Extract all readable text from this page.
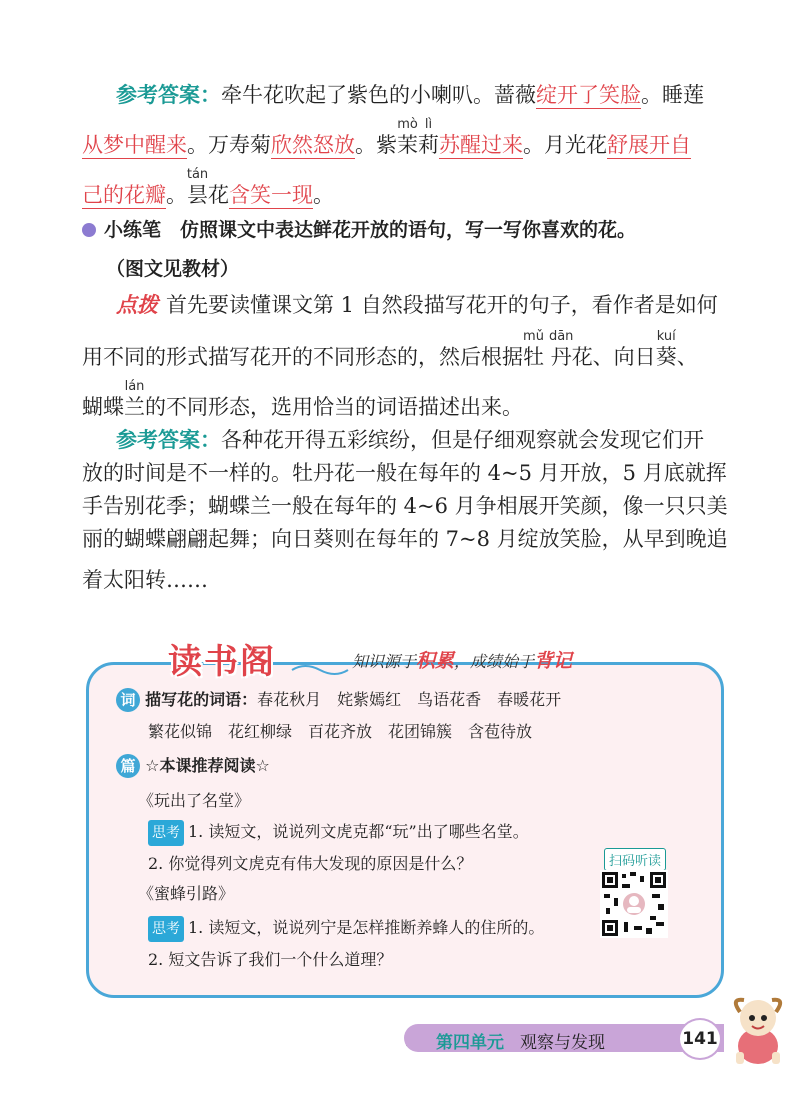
参考答案：牵牛花吹起了紫色的小喇叭。蔷薇绽开了笑脸。睡莲
从梦中醒来。万寿菊欣然怒放。紫
mò
茉
lì
莉苏醒过来。月光花舒展开自
己的花瓣。
tán
昙花含笑一现。
小练笔　仿照课文中表达鲜花开放的语句，写一写你喜欢的花。
（图文见教材）
点拨 首先要读懂课文第 1 自然段描写花开的句子，看作者是如何
用不同的形式描写花开的不同形态的，然后根据
mǔ
牡
dān
丹花、向日
kuí
葵、
蝴蝶
lán
兰的不同形态，选用恰当的词语描述出来。
参考答案：各种花开得五彩缤纷，但是仔细观察就会发现它们开
放的时间是不一样的。牡丹花一般在每年的 4~5 月开放，5 月底就挥
手告别花季；蝴蝶兰一般在每年的 4~6 月争相展开笑颜，像一只只美
丽的蝴蝶翩翩起舞；向日葵则在每年的 7~8 月绽放笑脸，从早到晚追
着太阳转……
读书阁	知识源于积累，成绩始于背记
词 描写花的词语：春花秋月　姹紫嫣红　鸟语花香　春暖花开
繁花似锦　花红柳绿　百花齐放　花团锦簇　含苞待放
篇 ☆本课推荐阅读☆
《玩出了名堂》
思考 1. 读短文，说说列文虎克都“玩”出了哪些名堂。
2. 你觉得列文虎克有伟大发现的原因是什么？
《蜜蜂引路》
思考 1. 读短文，说说列宁是怎样推断养蜂人的住所的。
2. 短文告诉了我们一个什么道理？
扫码听读
第四单元 观察与发现	141
